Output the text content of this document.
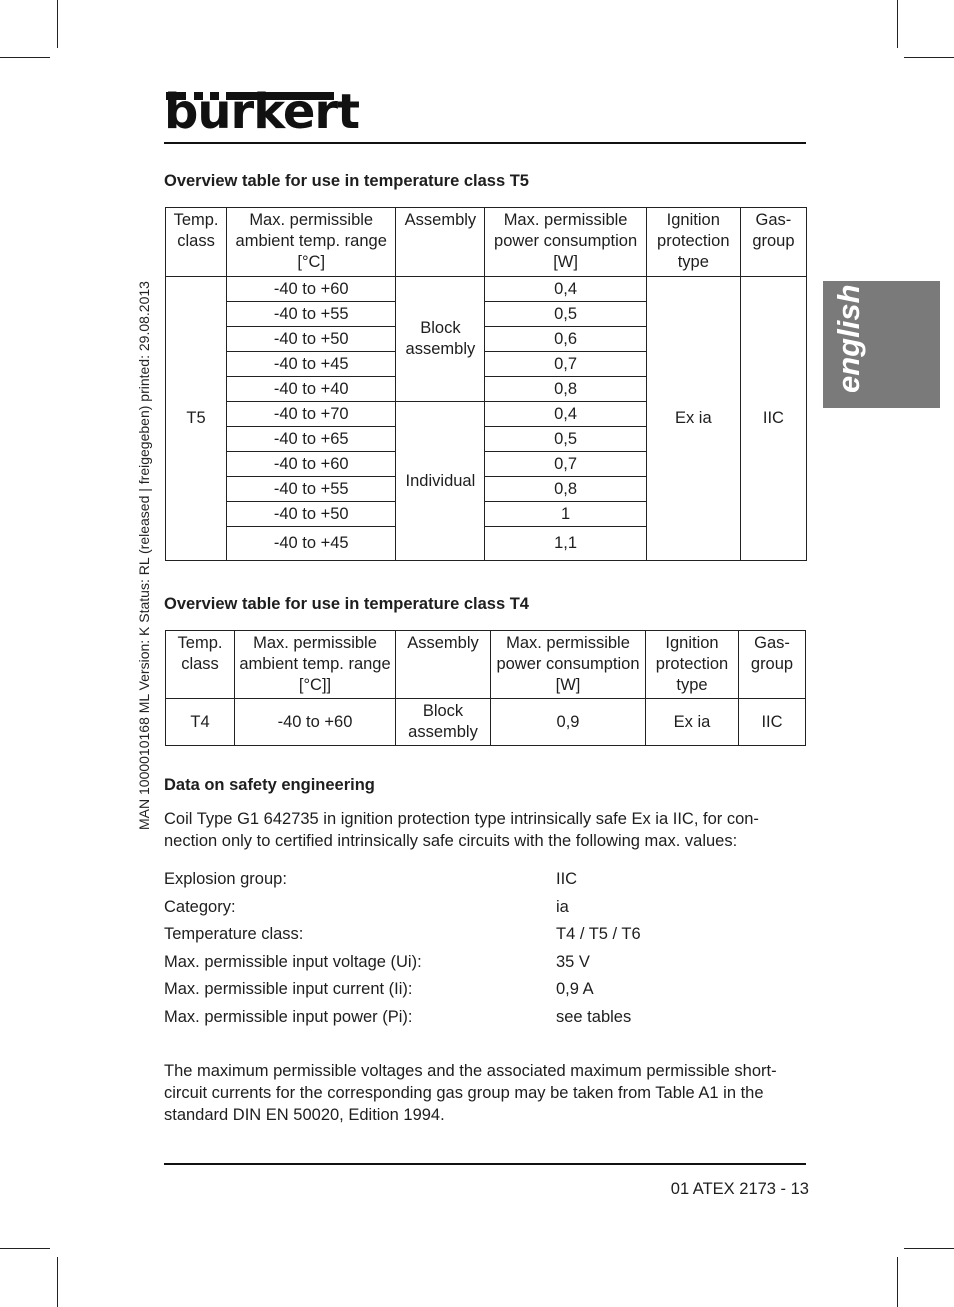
burkert
MAN 1000010168 ML Version: K Status: RL (released | freigegeben) printed: 29.08.2013	english
Overview table for use in temperature class T5
Temp. class	Max. permissible ambient temp. range [°C]	Assembly	Max. permissible power consumption [W]	Ignition protection type	Gas-group
T5	-40 to +60	Block assembly	0,4	Ex ia	IIC
	-40 to +55		0,5		
	-40 to +50		0,6		
	-40 to +45		0,7		
	-40 to +40		0,8		
	-40 to +70	Individual	0,4		
	-40 to +65		0,5		
	-40 to +60		0,7		
	-40 to +55		0,8		
	-40 to +50		1		
	-40 to +45		1,1		
Overview table for use in temperature class T4
Temp. class	Max. permissible ambient temp. range [°C]]	Assembly	Max. permissible power consumption [W]	Ignition protection type	Gas-group
T4	-40 to +60	Block assembly	0,9	Ex ia	IIC
Data on safety engineering
Coil Type G1 642735 in ignition protection type intrinsically safe Ex ia IIC, for con-nection only to certified intrinsically safe circuits with the following max. values:
Explosion group:	IIC
Category:	ia
Temperature class:	T4 / T5 / T6
Max. permissible input voltage (Ui):	35 V
Max. permissible input current (Ii):	0,9 A
Max. permissible input power (Pi):	see tables
The maximum permissible voltages and the associated maximum permissible short-circuit currents for the corresponding gas group may be taken from Table A1 in the standard DIN EN 50020, Edition 1994.
01 ATEX 2173 - 13
